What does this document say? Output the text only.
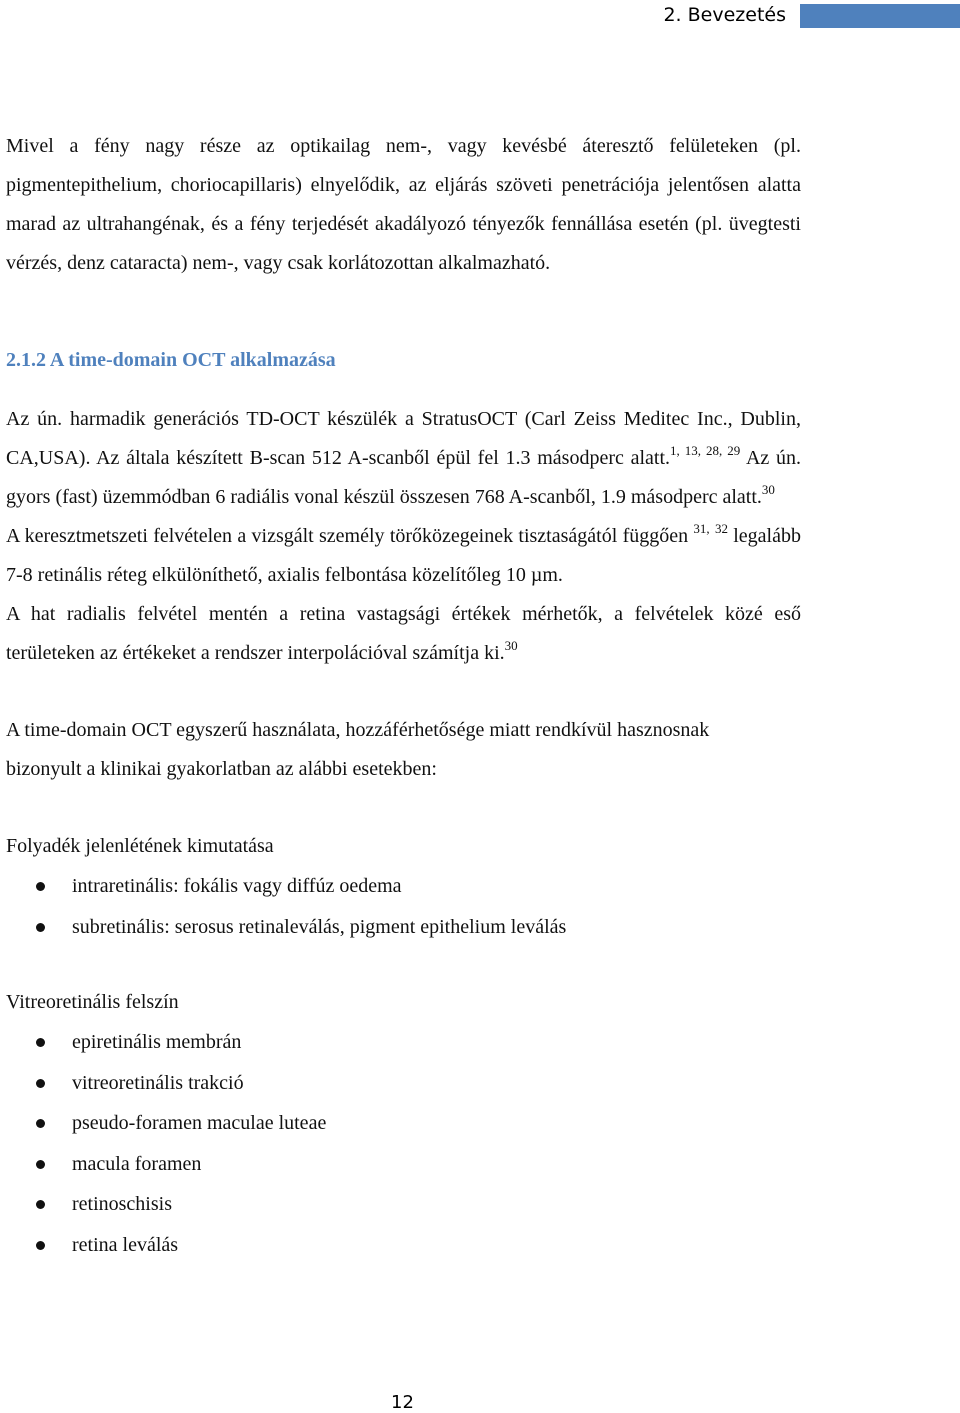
2. Bevezetés

Mivel a fény nagy része az optikailag nem-, vagy kevésbé áteresztő felületeken (pl. pigmentepithelium, choriocapillaris) elnyelődik, az eljárás szöveti penetrációja jelentősen alatta marad az ultrahangénak, és a fény terjedését akadályozó tényezők fennállása esetén (pl. üvegtesti vérzés, denz cataracta) nem-, vagy csak korlátozottan alkalmazható.

2.1.2 A time-domain OCT alkalmazása

Az ún. harmadik generációs TD-OCT készülék a StratusOCT (Carl Zeiss Meditec Inc., Dublin, CA,USA). Az általa készített B-scan 512 A-scanből épül fel 1.3 másodperc alatt.$^{1, 13, 28, 29}$ Az ún. gyors (fast) üzemmódban 6 radiális vonal készül összesen 768 A-scanből, 1.9 másodperc alatt.$^{30}$

A keresztmetszeti felvételen a vizsgált személy törőközegeinek tisztaságától függően $^{31,}$ $^{32}$ legalább 7-8 retinális réteg elkülöníthető, axialis felbontása közelítőleg 10 µm.

A hat radialis felvétel mentén a retina vastagsági értékek mérhetők, a felvételek közé eső területeken az értékeket a rendszer interpolációval számítja ki.$^{30}$

A time-domain OCT egyszerű használata, hozzáférhetősége miatt rendkívül hasznosnak
bizonyult a klinikai gyakorlatban az alábbi esetekben:

Folyadék jelenlétének kimutatása

intraretinális: fokális vagy diffúz oedema
subretinális: serosus retinaleválás, pigment epithelium leválás

Vitreoretinális felszín

epiretinális membrán
vitreoretinális trakció
pseudo-foramen maculae luteae
macula foramen
retinoschisis
retina leválás
12
